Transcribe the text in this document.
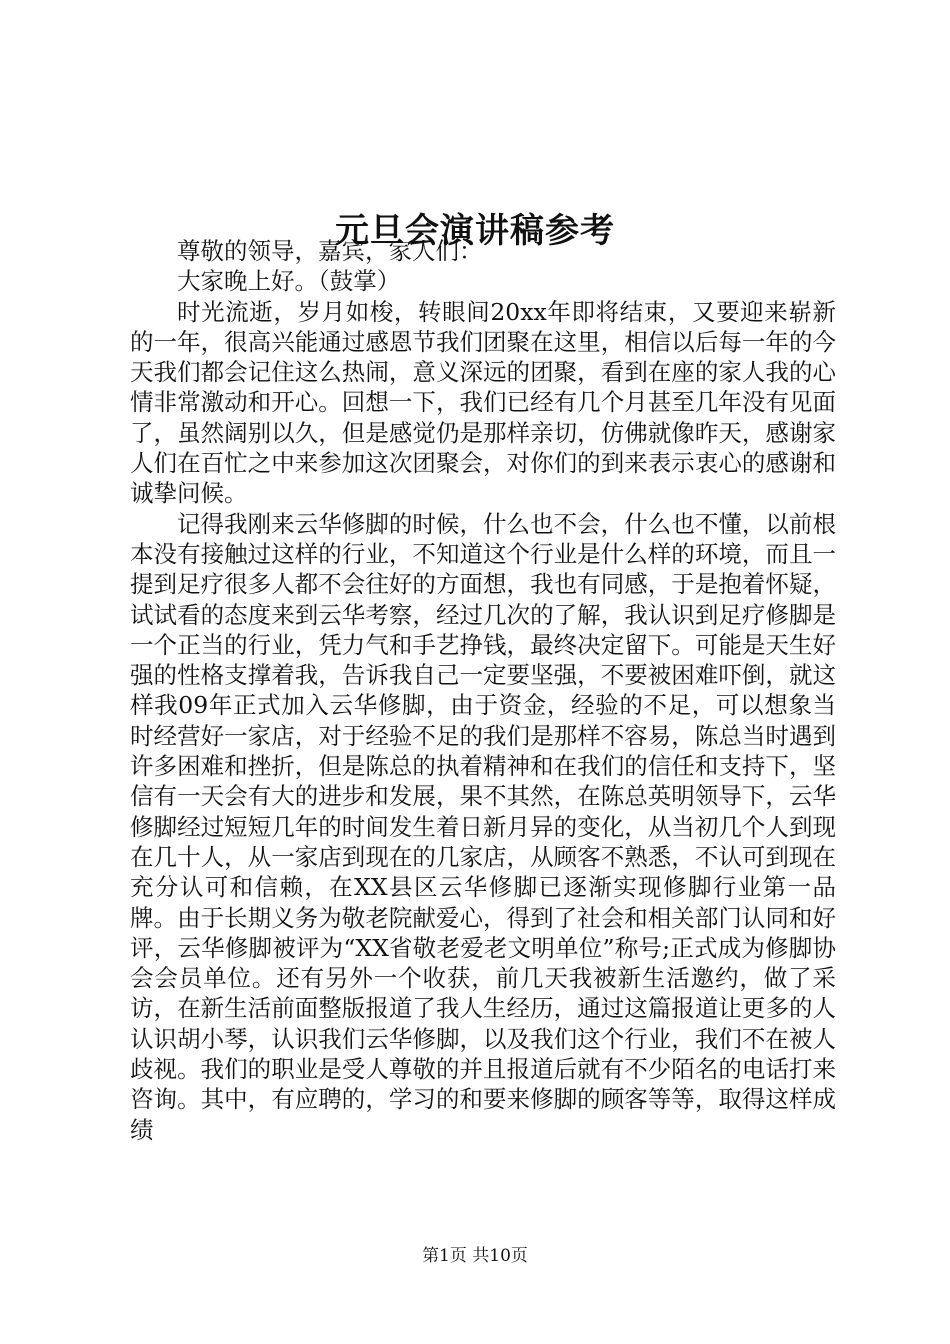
元旦会演讲稿参考

尊敬的领导，嘉宾，家人们：

大家晚上好。（鼓掌）

时光流逝，岁月如梭，转眼间20xx年即将结束，又要迎来崭新的一年，很高兴能通过感恩节我们团聚在这里，相信以后每一年的今天我们都会记住这么热闹，意义深远的团聚，看到在座的家人我的心情非常激动和开心。回想一下，我们已经有几个月甚至几年没有见面了，虽然阔别以久，但是感觉仍是那样亲切，仿佛就像昨天，感谢家人们在百忙之中来参加这次团聚会，对你们的到来表示衷心的感谢和诚挚问候。

记得我刚来云华修脚的时候，什么也不会，什么也不懂，以前根本没有接触过这样的行业，不知道这个行业是什么样的环境，而且一提到足疗很多人都不会往好的方面想，我也有同感，于是抱着怀疑，试试看的态度来到云华考察，经过几次的了解，我认识到足疗修脚是一个正当的行业，凭力气和手艺挣钱，最终决定留下。可能是天生好强的性格支撑着我，告诉我自己一定要坚强，不要被困难吓倒，就这样我09年正式加入云华修脚，由于资金，经验的不足，可以想象当时经营好一家店，对于经验不足的我们是那样不容易，陈总当时遇到许多困难和挫折，但是陈总的执着精神和在我们的信任和支持下，坚信有一天会有大的进步和发展，果不其然，在陈总英明领导下，云华修脚经过短短几年的时间发生着日新月异的变化，从当初几个人到现在几十人，从一家店到现在的几家店，从顾客不熟悉，不认可到现在充分认可和信赖，在XX县区云华修脚已逐渐实现修脚行业第一品牌。由于长期义务为敬老院献爱心，得到了社会和相关部门认同和好评，云华修脚被评为“XX省敬老爱老文明单位”称号;正式成为修脚协会会员单位。还有另外一个收获，前几天我被新生活邀约，做了采访，在新生活前面整版报道了我人生经历，通过这篇报道让更多的人认识胡小琴，认识我们云华修脚，以及我们这个行业，我们不在被人歧视。我们的职业是受人尊敬的并且报道后就有不少陌名的电话打来咨询。其中，有应聘的，学习的和要来修脚的顾客等等，取得这样成绩

第1页 共10页
